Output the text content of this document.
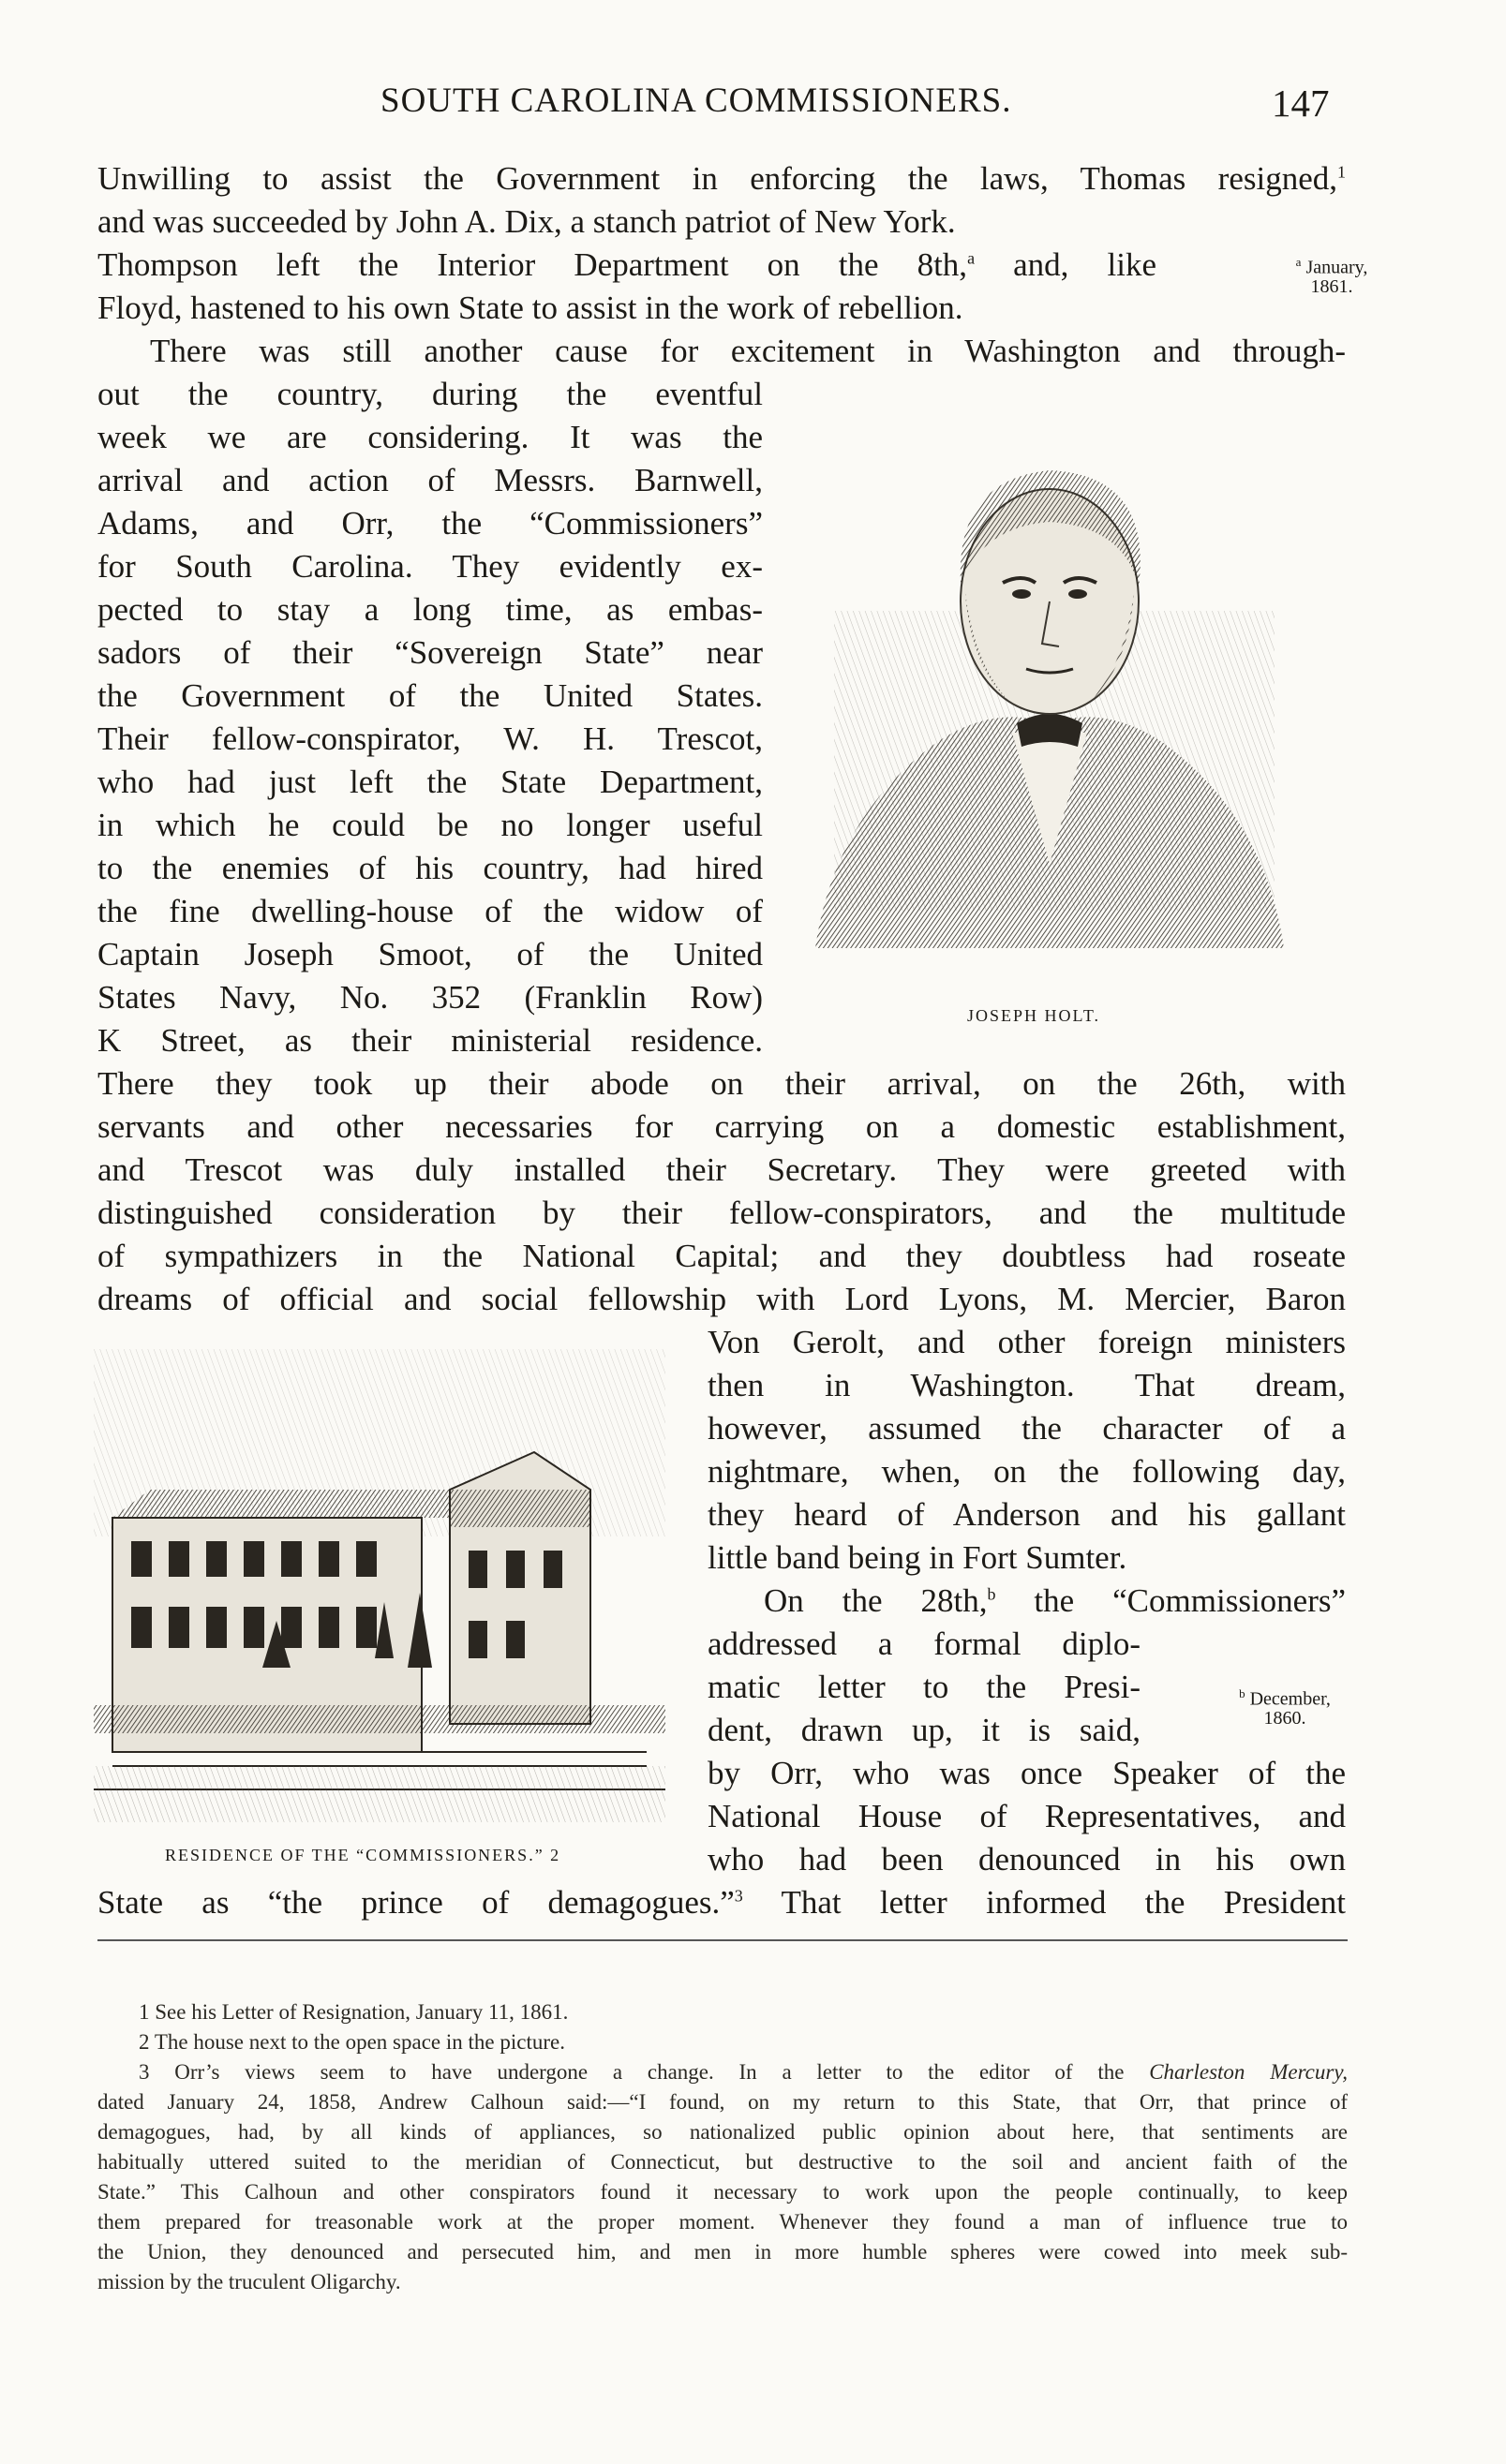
SOUTH CAROLINA COMMISSIONERS.	147
Unwilling to assist the Government in enforcing the laws, Thomas resigned,$^1$
and was succeeded by John A. Dix, a stanch patriot of New York.
Thompson left the Interior Department on the 8th,$^a$ and, like
Floyd, hastened to his own State to assist in the work of rebellion.
There was still another cause for excitement in Washington and through-
out the country, during the eventful
week we are considering. It was the
arrival and action of Messrs. Barnwell,
Adams, and Orr, the “Commissioners”
for South Carolina. They evidently ex-
pected to stay a long time, as embas-
sadors of their “Sovereign State” near
the Government of the United States.
Their fellow-conspirator, W. H. Trescot,
who had just left the State Department,
in which he could be no longer useful
to the enemies of his country, had hired
the fine dwelling-house of the widow of
Captain Joseph Smoot, of the United
States Navy, No. 352 (Franklin Row)
K Street, as their ministerial residence.
There they took up their abode on their arrival, on the 26th, with
servants and other necessaries for carrying on a domestic establishment,
and Trescot was duly installed their Secretary. They were greeted with
distinguished consideration by their fellow-conspirators, and the multitude
of sympathizers in the National Capital; and they doubtless had roseate
dreams of official and social fellowship with Lord Lyons, M. Mercier, Baron
Von Gerolt, and other foreign ministers
then in Washington. That dream,
however, assumed the character of a
nightmare, when, on the following day,
they heard of Anderson and his gallant
little band being in Fort Sumter.
On the 28th,$^b$ the “Commissioners”
addressed a formal diplo-
matic letter to the Presi-
dent, drawn up, it is said,
by Orr, who was once Speaker of the
National House of Representatives, and
who had been denounced in his own
State as “the prince of demagogues.”$^3$ That letter informed the President
$^a$ January,
1861.
$^b$ December,
1860.
JOSEPH HOLT.
RESIDENCE OF THE “COMMISSIONERS.” 2
1 See his Letter of Resignation, January 11, 1861.
2 The house next to the open space in the picture.
3 Orr’s views seem to have undergone a change. In a letter to the editor of the Charleston Mercury,
dated January 24, 1858, Andrew Calhoun said:—“I found, on my return to this State, that Orr, that prince of
demagogues, had, by all kinds of appliances, so nationalized public opinion about here, that sentiments are
habitually uttered suited to the meridian of Connecticut, but destructive to the soil and ancient faith of the
State.” This Calhoun and other conspirators found it necessary to work upon the people continually, to keep
them prepared for treasonable work at the proper moment. Whenever they found a man of influence true to
the Union, they denounced and persecuted him, and men in more humble spheres were cowed into meek sub-
mission by the truculent Oligarchy.
